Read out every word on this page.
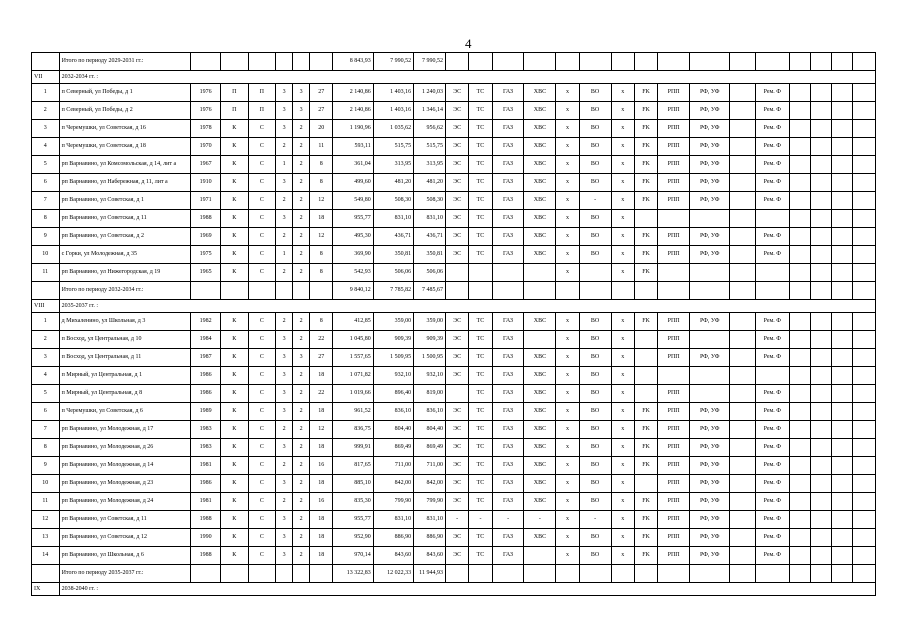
4
	Итого по периоду 2029-2031 гг.:							8 843,93	7 990,52	7 990,52																
VII	2032-2034 гг. :																									
1	п Северный, ул Победы, д 1	1976	П	П	3	3	27	2 140,86	1 403,16	1 240,03	ЭС	ТС	ГАЗ	ХВС	х	ВО	х	FK	РПП	РФ, УФ		Рем. Ф				
2	п Северный, ул Победы, д 2	1976	П	П	3	3	27	2 140,86	1 403,16	1 346,14	ЭС	ТС	ГАЗ	ХВС	х	ВО	х	FK	РПП	РФ, УФ		Рем. Ф				
3	п Черемушки, ул Советская, д 16	1978	К	С	3	2	20	1 190,96	1 035,62	956,62	ЭС	ТС	ГАЗ	ХВС	х	ВО	х	FK	РПП	РФ, УФ		Рем. Ф				
4	п Черемушки, ул Советская, д 18	1970	К	С	2	2	11	593,11	515,75	515,75	ЭС	ТС	ГАЗ	ХВС	х	ВО	х	FK	РПП	РФ, УФ		Рем. Ф				
5	рп Варнавино, ул Комсомольская, д 14, лит а	1967	К	С	1	2	8	361,04	313,95	313,95	ЭС	ТС	ГАЗ	ХВС	х	ВО	х	FK	РПП	РФ, УФ		Рем. Ф				
6	рп Варнавино, ул Набережная, д 11, лит а	1910	К	С	3	2	8	499,60	481,20	481,20	ЭС	ТС	ГАЗ	ХВС	х	ВО	х	FK	РПП	РФ, УФ		Рем. Ф				
7	рп Варнавино, ул Советская, д 1	1971	К	С	2	2	12	549,80	508,30	508,30	ЭС	ТС	ГАЗ	ХВС	х	-	х	FK	РПП	РФ, УФ		Рем. Ф				
8	рп Варнавино, ул Советская, д 11	1988	К	С	3	2	18	955,77	831,10	831,10	ЭС	ТС	ГАЗ	ХВС	х	ВО	х									
9	рп Варнавино, ул Советская, д 2	1969	К	С	2	2	12	495,30	436,71	436,71	ЭС	ТС	ГАЗ	ХВС	х	ВО	х	FK	РПП	РФ, УФ		Рем. Ф				
10	с Горки, ул Молодежная, д 35	1975	К	С	1	2	8	369,90	350,81	350,81	ЭС	ТС	ГАЗ	ХВС	х	ВО	х	FK	РПП	РФ, УФ		Рем. Ф				
11	рп Варнавино, ул Нижегородская, д 19	1965	К	С	2	2	8	542,93	506,06	506,06					х		х	FK								
	Итого по периоду 2032-2034 гг.:							9 840,12	7 785,82	7 485,67																
VIII	2035-2037 гг. :																									
1	д Михаленино, ул Школьная, д 3	1982	К	С	2	2	8	412,85	359,00	359,00	ЭС	ТС	ГАЗ	ХВС	х	ВО	х	FK	РПП	РФ, УФ		Рем. Ф				
2	п Восход, ул Центральная, д 10	1984	К	С	3	2	22	1 045,80	909,39	909,39	ЭС	ТС	ГАЗ		х	ВО	х		РПП			Рем. Ф				
3	п Восход, ул Центральная, д 11	1987	К	С	3	3	27	1 557,65	1 509,95	1 500,95	ЭС	ТС	ГАЗ	ХВС	х	ВО	х		РПП	РФ, УФ		Рем. Ф				
4	п Мирный, ул Центральная, д 1	1986	К	С	3	2	18	1 071,82	932,10	932,10	ЭС	ТС	ГАЗ	ХВС	х	ВО	х									
5	п Мирный, ул Центральная, д 8	1986	К	С	3	2	22	1 019,66	896,40	819,00		ТС	ГАЗ	ХВС	х	ВО	х		РПП			Рем. Ф				
6	п Черемушки, ул Советская, д 6	1989	К	С	3	2	18	961,52	836,10	836,10	ЭС	ТС	ГАЗ	ХВС	х	ВО	х	FK	РПП	РФ, УФ		Рем. Ф				
7	рп Варнавино, ул Молодежная, д 17	1983	К	С	2	2	12	836,75	804,40	804,40	ЭС	ТС	ГАЗ	ХВС	х	ВО	х	FK	РПП	РФ, УФ		Рем. Ф				
8	рп Варнавино, ул Молодежная, д 26	1983	К	С	3	2	18	999,91	869,49	869,49	ЭС	ТС	ГАЗ	ХВС	х	ВО	х	FK	РПП	РФ, УФ		Рем. Ф				
9	рп Варнавино, ул Молодежная, д 14	1981	К	С	2	2	16	817,65	711,00	711,00	ЭС	ТС	ГАЗ	ХВС	х	ВО	х	FK	РПП	РФ, УФ		Рем. Ф				
10	рп Варнавино, ул Молодежная, д 23	1986	К	С	3	2	18	885,10	842,00	842,00	ЭС	ТС	ГАЗ	ХВС	х	ВО	х		РПП	РФ, УФ		Рем. Ф				
11	рп Варнавино, ул Молодежная, д 24	1981	К	С	2	2	16	835,30	799,90	799,90	ЭС	ТС	ГАЗ	ХВС	х	ВО	х	FK	РПП	РФ, УФ		Рем. Ф				
12	рп Варнавино, ул Советская, д 11	1988	К	С	3	2	18	955,77	831,10	831,10	-	-	-	-	х	-	х	FK	РПП	РФ, УФ		Рем. Ф				
13	рп Варнавино, ул Советская, д 12	1990	К	С	3	2	18	952,90	886,90	886,90	ЭС	ТС	ГАЗ	ХВС	х	ВО	х	FK	РПП	РФ, УФ		Рем. Ф				
14	рп Варнавино, ул Школьная, д 6	1988	К	С	3	2	18	970,14	843,60	843,60	ЭС	ТС	ГАЗ		х	ВО	х	FK	РПП	РФ, УФ		Рем. Ф				
	Итого по периоду 2035-2037 гг.:							13 322,83	12 022,33	11 944,93																
IX	2038-2040 гг. :																									
